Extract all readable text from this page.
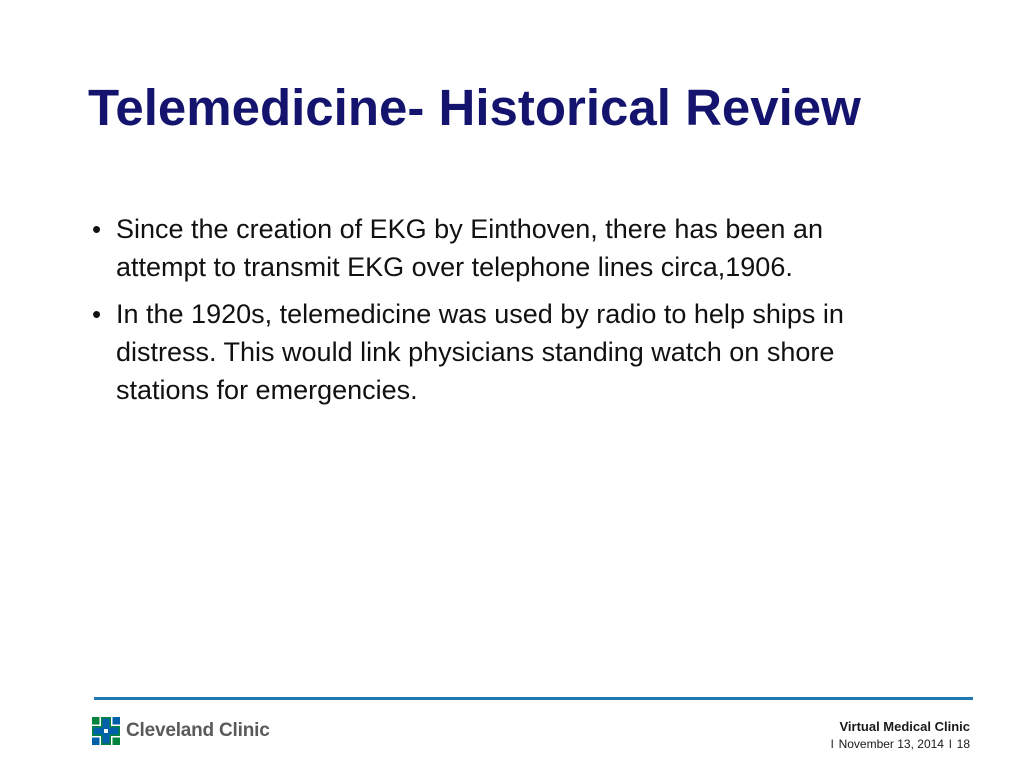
Telemedicine- Historical Review
• Since the creation of EKG by Einthoven, there has been an attempt to transmit EKG over telephone lines circa,1906.
• In the 1920s, telemedicine was used by radio to help ships in distress. This would link physicians standing watch on shore stations for emergencies.
Cleveland Clinic	Virtual Medical Clinic
l November 13, 2014 l 18
